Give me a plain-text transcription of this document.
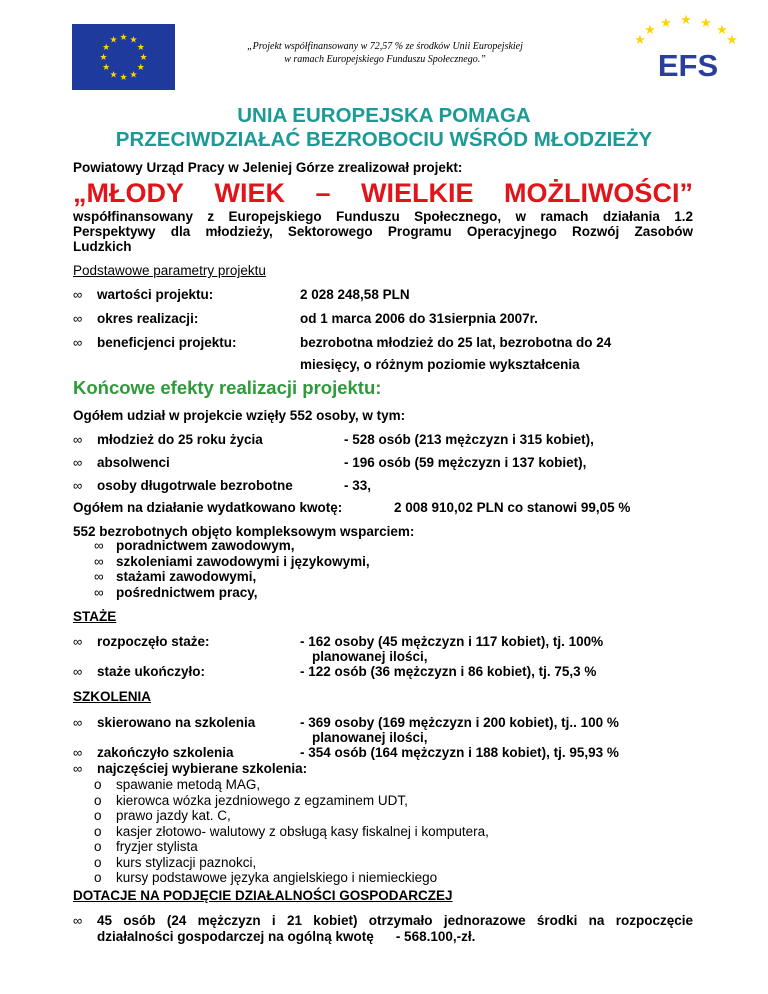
★ ★
★
★
★
★
★
★
★
★
★
★
„Projekt współfinansowany w 72,57 % ze środków Unii Europejskiej
w ramach Europejskiego Funduszu Społecznego.”
★ ★ ★ ★ ★
★
★
EFS
UNIA EUROPEJSKA POMAGA
PRZECIWDZIAŁAĆ BEZROBOCIU WŚRÓD MŁODZIEŻY
Powiatowy Urząd Pracy w Jeleniej Górze zrealizował projekt:
„MŁODY WIEK – WIELKIE MOŻLIWOŚCI”
współfinansowany z Europejskiego Funduszu Społecznego, w ramach działania 1.2
Perspektywy dla młodzieży, Sektorowego Programu Operacyjnego Rozwój Zasobów
Ludzkich
Podstawowe parametry projektu
∞ wartości projektu:	2 028 248,58 PLN
∞ okres realizacji:	od 1 marca 2006 do 31sierpnia 2007r.
∞ beneficjenci projektu:	bezrobotna młodzież do 25 lat, bezrobotna do 24
miesięcy, o różnym poziomie wykształcenia
Końcowe efekty realizacji projektu:
Ogółem udział w projekcie wzięły 552 osoby, w tym:
∞ młodzież do 25 roku życia	- 528 osób (213 mężczyzn i 315 kobiet),
∞ absolwenci	- 196 osób (59 mężczyzn i 137 kobiet),
∞ osoby długotrwale bezrobotne	- 33,
Ogółem na działanie wydatkowano kwotę:	2 008 910,02 PLN co stanowi 99,05 %
552 bezrobotnych objęto kompleksowym wsparciem:
∞ poradnictwem zawodowym,
∞ szkoleniami zawodowymi i językowymi,
∞ stażami zawodowymi,
∞ pośrednictwem pracy,
STAŻE
∞ rozpoczęło staże:	- 162 osoby (45 mężczyzn i 117 kobiet), tj. 100%
planowanej ilości,
∞ staże ukończyło:	- 122 osób (36 mężczyzn i 86 kobiet), tj. 75,3 %
SZKOLENIA
∞ skierowano na szkolenia	- 369 osoby (169 mężczyzn i 200 kobiet), tj.. 100 %
planowanej ilości,
∞ zakończyło szkolenia	- 354 osób (164 mężczyzn i 188 kobiet), tj. 95,93 %
∞ najczęściej wybierane szkolenia:
o spawanie metodą MAG,
o kierowca wózka jezdniowego z egzaminem UDT,
o prawo jazdy kat. C,
o kasjer złotowo- walutowy z obsługą kasy fiskalnej i komputera,
o fryzjer stylista
o kurs stylizacji paznokci,
o kursy podstawowe języka angielskiego i niemieckiego
DOTACJE NA PODJĘCIE DZIAŁALNOŚCI GOSPODARCZEJ
∞ 45 osób (24 mężczyzn i 21 kobiet) otrzymało jednorazowe środki na rozpoczęcie
działalności gospodarczej na ogólną kwotę - 568.100,-zł.
